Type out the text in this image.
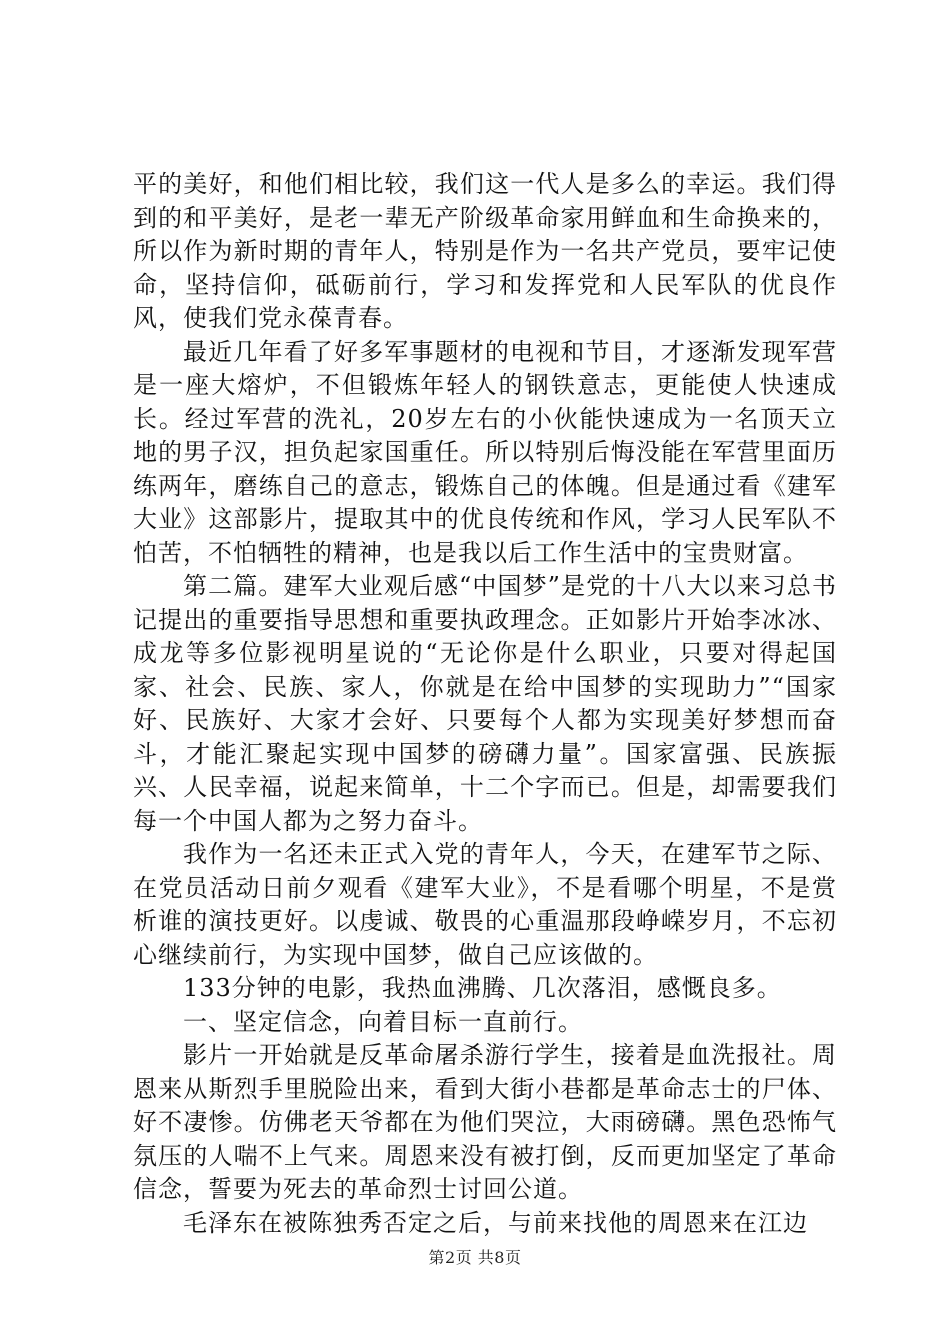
平的美好，和他们相比较，我们这一代人是多么的幸运。我们得到的和平美好，是老一辈无产阶级革命家用鲜血和生命换来的，所以作为新时期的青年人，特别是作为一名共产党员，要牢记使命，坚持信仰，砥砺前行，学习和发挥党和人民军队的优良作风，使我们党永葆青春。

最近几年看了好多军事题材的电视和节目，才逐渐发现军营是一座大熔炉，不但锻炼年轻人的钢铁意志，更能使人快速成长。经过军营的洗礼，20岁左右的小伙能快速成为一名顶天立地的男子汉，担负起家国重任。所以特别后悔没能在军营里面历练两年，磨练自己的意志，锻炼自己的体魄。但是通过看《建军大业》这部影片，提取其中的优良传统和作风，学习人民军队不怕苦，不怕牺牲的精神，也是我以后工作生活中的宝贵财富。

第二篇。建军大业观后感“中国梦”是党的十八大以来习总书记提出的重要指导思想和重要执政理念。正如影片开始李冰冰、成龙等多位影视明星说的“无论你是什么职业，只要对得起国家、社会、民族、家人，你就是在给中国梦的实现助力”“国家好、民族好、大家才会好、只要每个人都为实现美好梦想而奋斗，才能汇聚起实现中国梦的磅礴力量”。国家富强、民族振兴、人民幸福，说起来简单，十二个字而已。但是，却需要我们每一个中国人都为之努力奋斗。

我作为一名还未正式入党的青年人，今天，在建军节之际、在党员活动日前夕观看《建军大业》，不是看哪个明星，不是赏析谁的演技更好。以虔诚、敬畏的心重温那段峥嵘岁月，不忘初心继续前行，为实现中国梦，做自己应该做的。

133分钟的电影，我热血沸腾、几次落泪，感慨良多。

一、坚定信念，向着目标一直前行。

影片一开始就是反革命屠杀游行学生，接着是血洗报社。周恩来从斯烈手里脱险出来，看到大街小巷都是革命志士的尸体、好不凄惨。仿佛老天爷都在为他们哭泣，大雨磅礴。黑色恐怖气氛压的人喘不上气来。周恩来没有被打倒，反而更加坚定了革命信念，誓要为死去的革命烈士讨回公道。

毛泽东在被陈独秀否定之后，与前来找他的周恩来在江边

第2页 共8页
